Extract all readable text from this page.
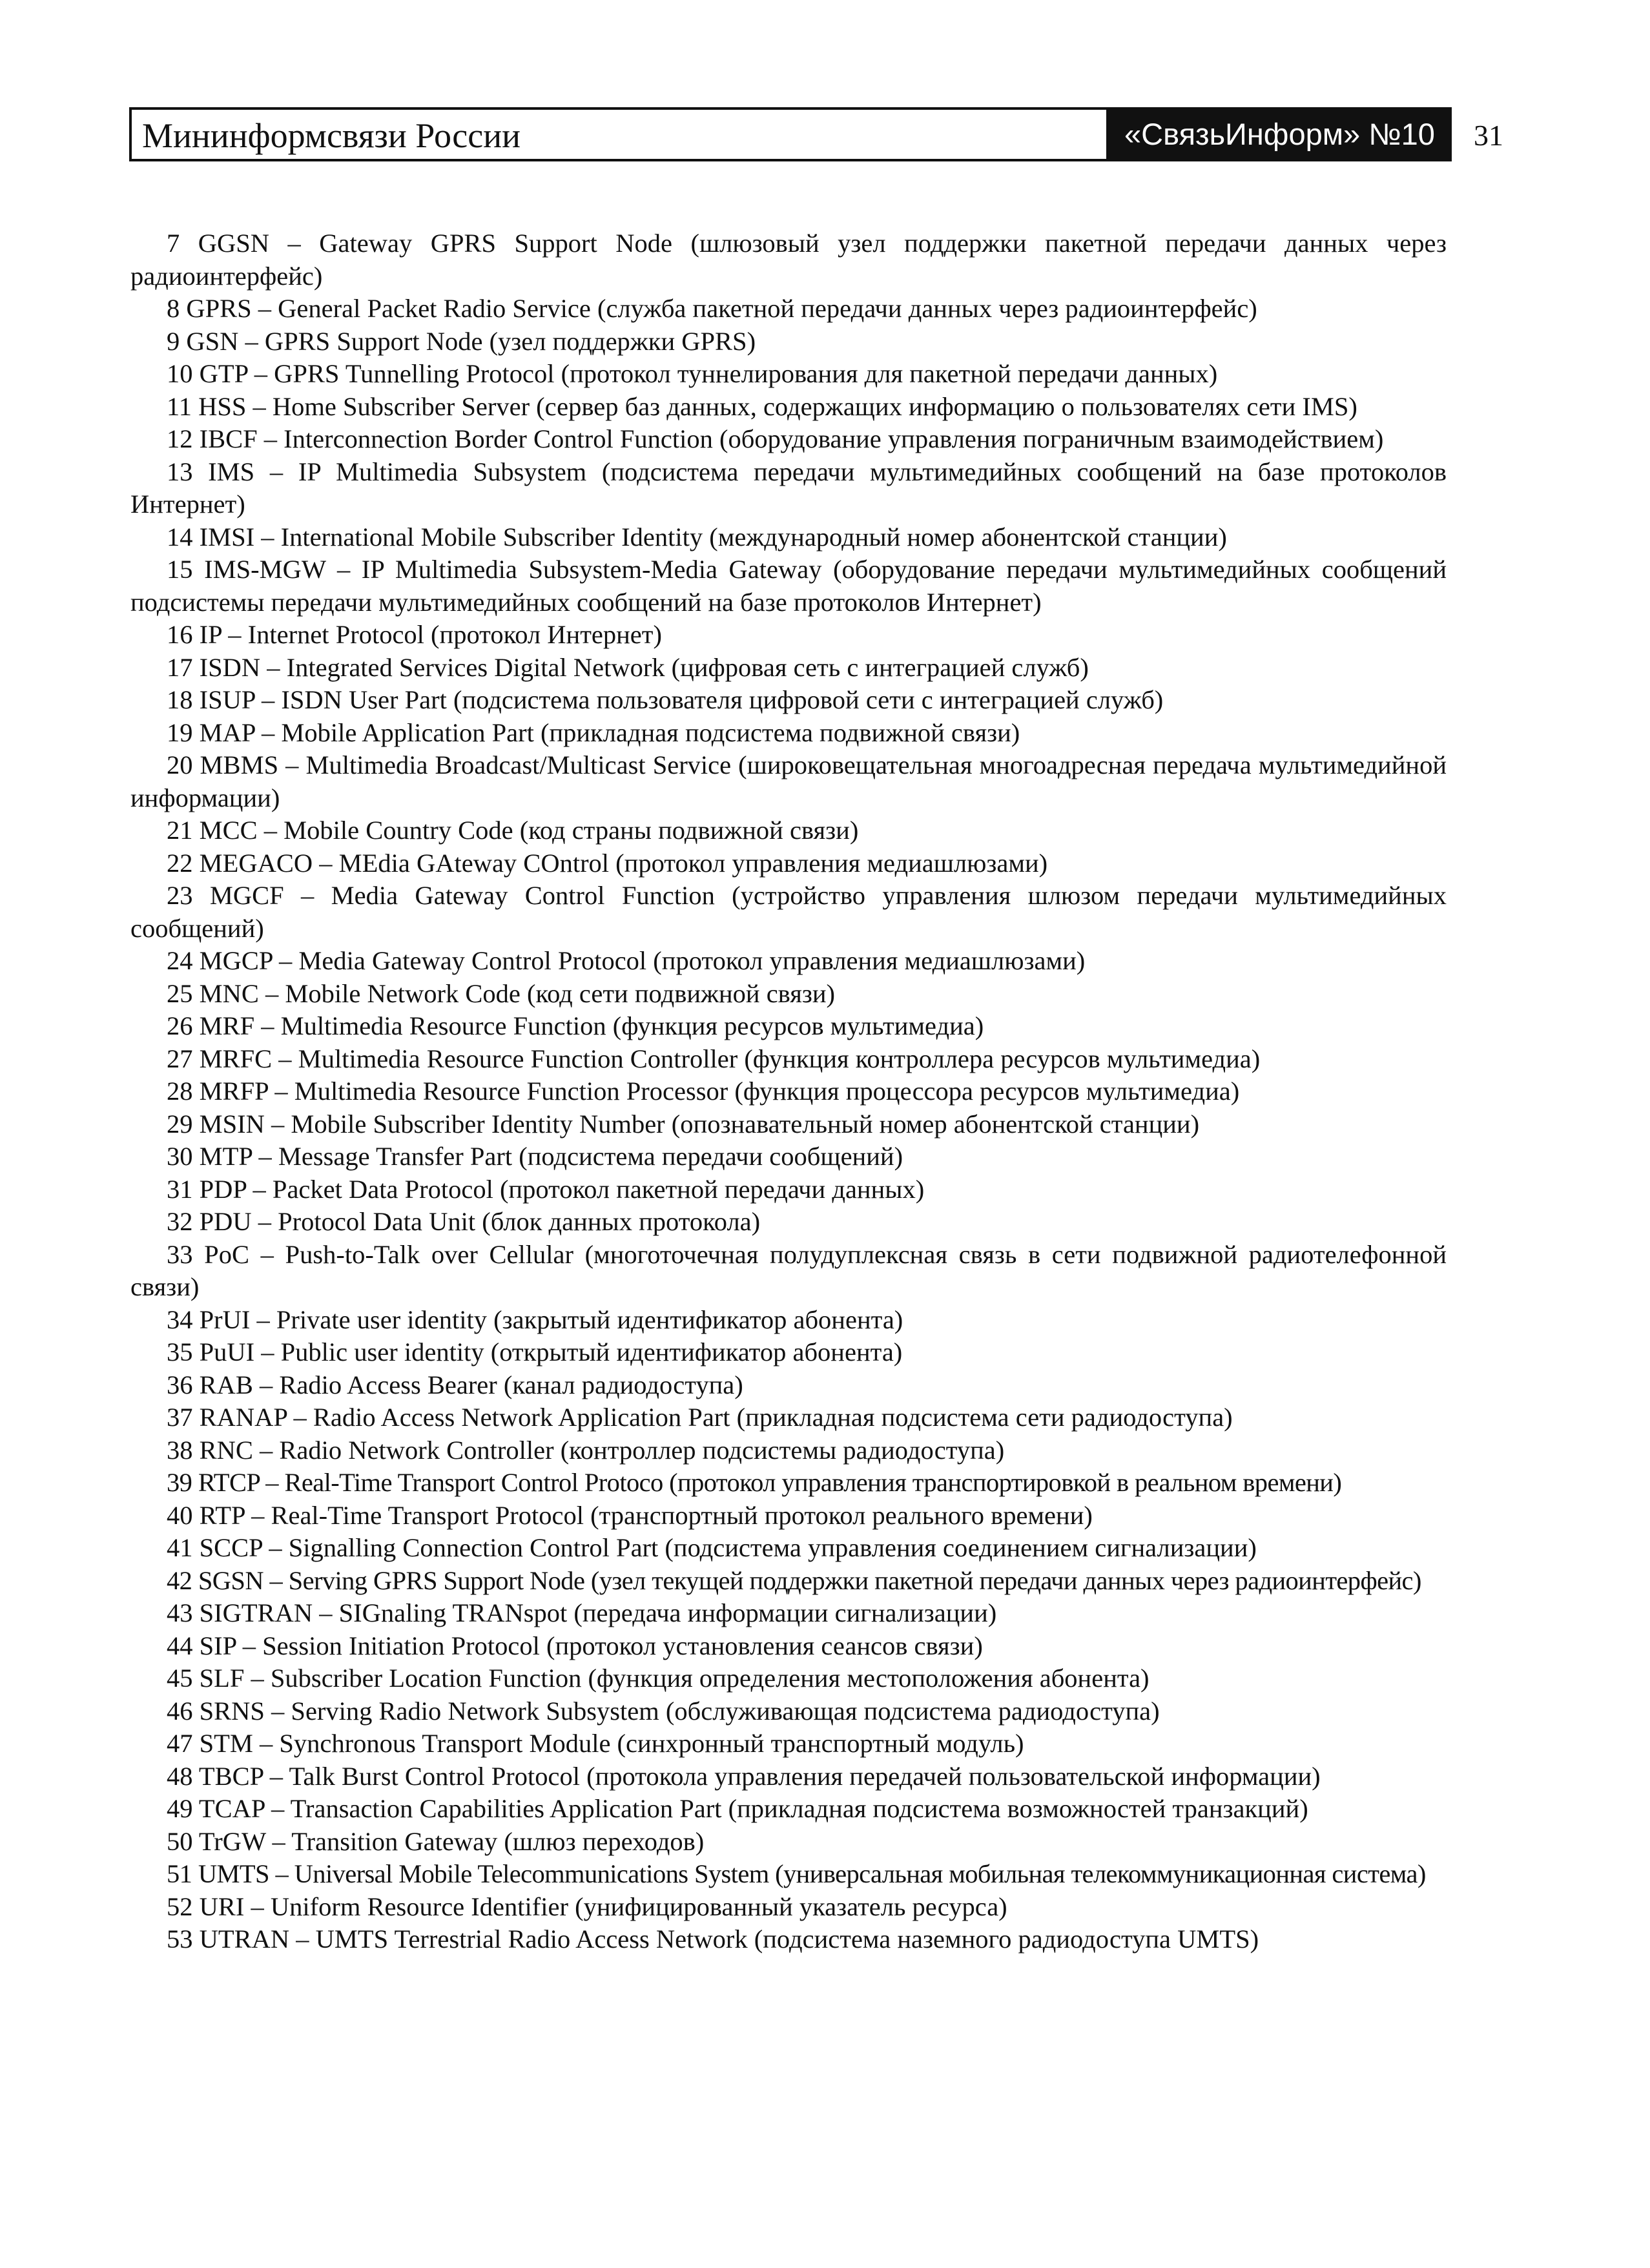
Мининформсвязи России	«СвязьИнформ» №10	31

7 GGSN – Gateway GPRS Support Node (шлюзовый узел поддержки пакетной передачи данных через радиоинтерфейс)

8 GPRS – General Packet Radio Service (служба пакетной передачи данных через радиоинтерфейс)

9 GSN – GPRS Support Node (узел поддержки GPRS)

10 GTP – GPRS Tunnelling Protocol (протокол туннелирования для пакетной передачи данных)

11 HSS – Home Subscriber Server (сервер баз данных, содержащих информацию о пользователях сети IMS)

12 IBCF – Interconnection Border Control Function (оборудование управления пограничным взаимодействием)

13 IMS – IP Multimedia Subsystem (подсистема передачи мультимедийных сообщений на базе протоколов Интернет)

14 IMSI – International Mobile Subscriber Identity (международный номер абонентской станции)

15 IMS-MGW – IP Multimedia Subsystem-Media Gateway (оборудование передачи мультимедийных сообщений подсистемы передачи мультимедийных сообщений на базе протоколов Интернет)

16 IP – Internet Protocol (протокол Интернет)

17 ISDN – Integrated Services Digital Network (цифровая сеть с интеграцией служб)

18 ISUP – ISDN User Part (подсистема пользователя цифровой сети с интеграцией служб)

19 MAP – Mobile Application Part (прикладная подсистема подвижной связи)

20 MBMS – Multimedia Broadcast/Multicast Service (широковещательная многоадресная передача мультимедийной информации)

21 MCC – Mobile Country Code (код страны подвижной связи)

22 MEGACO – MEdia GAteway COntrol (протокол управления медиашлюзами)

23 MGCF – Media Gateway Control Function (устройство управления шлюзом передачи мультимедийных сообщений)

24 MGCP – Media Gateway Control Protocol (протокол управления медиашлюзами)

25 MNC – Mobile Network Code (код сети подвижной связи)

26 MRF – Multimedia Resource Function (функция ресурсов мультимедиа)

27 MRFC – Multimedia Resource Function Controller (функция контроллера ресурсов мультимедиа)

28 MRFP – Multimedia Resource Function Processor (функция процессора ресурсов мультимедиа)

29 MSIN – Mobile Subscriber Identity Number (опознавательный номер абонентской станции)

30 MTP – Message Transfer Part (подсистема передачи сообщений)

31 PDP – Packet Data Protocol (протокол пакетной передачи данных)

32 PDU – Protocol Data Unit (блок данных протокола)

33 PoC – Push-to-Talk over Cellular (многоточечная полудуплексная связь в сети подвижной радиотелефонной связи)

34 PrUI – Private user identity (закрытый идентификатор абонента)

35 PuUI – Public user identity (открытый идентификатор абонента)

36 RAB – Radio Access Bearer (канал радиодоступа)

37 RANAP – Radio Access Network Application Part (прикладная подсистема сети радиодоступа)

38 RNC – Radio Network Controller (контроллер подсистемы радиодоступа)

39 RTCP – Real-Time Transport Control Protoco (протокол управления транспортировкой в реальном времени)

40 RTP – Real-Time Transport Protocol (транспортный протокол реального времени)

41 SCCP – Signalling Connection Control Part (подсистема управления соединением сигнализации)

42 SGSN – Serving GPRS Support Node (узел текущей поддержки пакетной передачи данных через радиоинтерфейс)

43 SIGTRAN – SIGnaling TRANspot (передача информации сигнализации)

44 SIP – Session Initiation Protocol (протокол установления сеансов связи)

45 SLF – Subscriber Location Function (функция определения местоположения абонента)

46 SRNS – Serving Radio Network Subsystem (обслуживающая подсистема радиодоступа)

47 STM – Synchronous Transport Module (синхронный транспортный модуль)

48 TBCP – Talk Burst Control Protocol (протокола управления передачей пользовательской информации)

49 TCAP – Transaction Capabilities Application Part (прикладная подсистема возможностей транзакций)

50 TrGW – Transition Gateway (шлюз переходов)

51 UMTS – Universal Mobile Telecommunications System (универсальная мобильная телекоммуникационная система)

52 URI – Uniform Resource Identifier (унифицированный указатель ресурса)

53 UTRAN – UMTS Terrestrial Radio Access Network (подсистема наземного радиодоступа UMTS)
